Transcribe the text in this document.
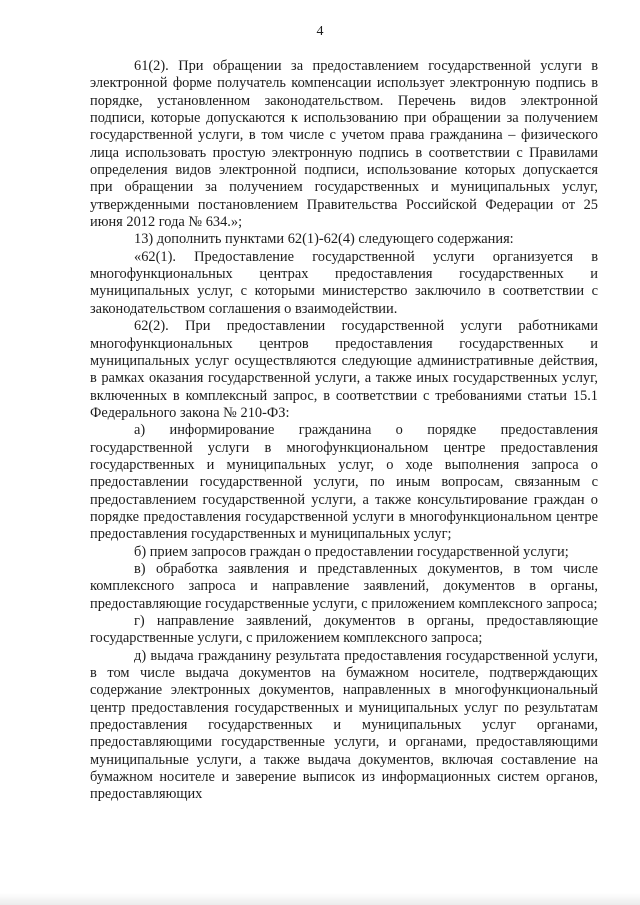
4

61(2). При обращении за предоставлением государственной услуги в электронной форме получатель компенсации использует электронную подпись в порядке, установленном законодательством. Перечень видов электронной подписи, которые допускаются к использованию при обращении за получением государственной услуги, в том числе с учетом права гражданина – физического лица использовать простую электронную подпись в соответствии с Правилами определения видов электронной подписи, использование которых допускается при обращении за получением государственных и муниципальных услуг, утвержденными постановлением Правительства Российской Федерации от 25 июня 2012 года № 634.»;

13) дополнить пунктами 62(1)-62(4) следующего содержания:

«62(1). Предоставление государственной услуги организуется в многофункциональных центрах предоставления государственных и муниципальных услуг, с которыми министерство заключило в соответствии с законодательством соглашения о взаимодействии.

62(2). При предоставлении государственной услуги работниками многофункциональных центров предоставления государственных и муниципальных услуг осуществляются следующие административные действия, в рамках оказания государственной услуги, а также иных государственных услуг, включенных в комплексный запрос, в соответствии с требованиями статьи 15.1 Федерального закона № 210-ФЗ:

а) информирование гражданина о порядке предоставления государственной услуги в многофункциональном центре предоставления государственных и муниципальных услуг, о ходе выполнения запроса о предоставлении государственной услуги, по иным вопросам, связанным с предоставлением государственной услуги, а также консультирование граждан о порядке предоставления государственной услуги в многофункциональном центре предоставления государственных и муниципальных услуг;

б) прием запросов граждан о предоставлении государственной услуги;

в) обработка заявления и представленных документов, в том числе комплексного запроса и направление заявлений, документов в органы, предоставляющие государственные услуги, с приложением комплексного запроса;

г) направление заявлений, документов в органы, предоставляющие государственные услуги, с приложением комплексного запроса;

д) выдача гражданину результата предоставления государственной услуги, в том числе выдача документов на бумажном носителе, подтверждающих содержание электронных документов, направленных в многофункциональный центр предоставления государственных и муниципальных услуг по результатам предоставления государственных и муниципальных услуг органами, предоставляющими государственные услуги, и органами, предоставляющими муниципальные услуги, а также выдача документов, включая составление на бумажном носителе и заверение выписок из информационных систем органов, предоставляющих
